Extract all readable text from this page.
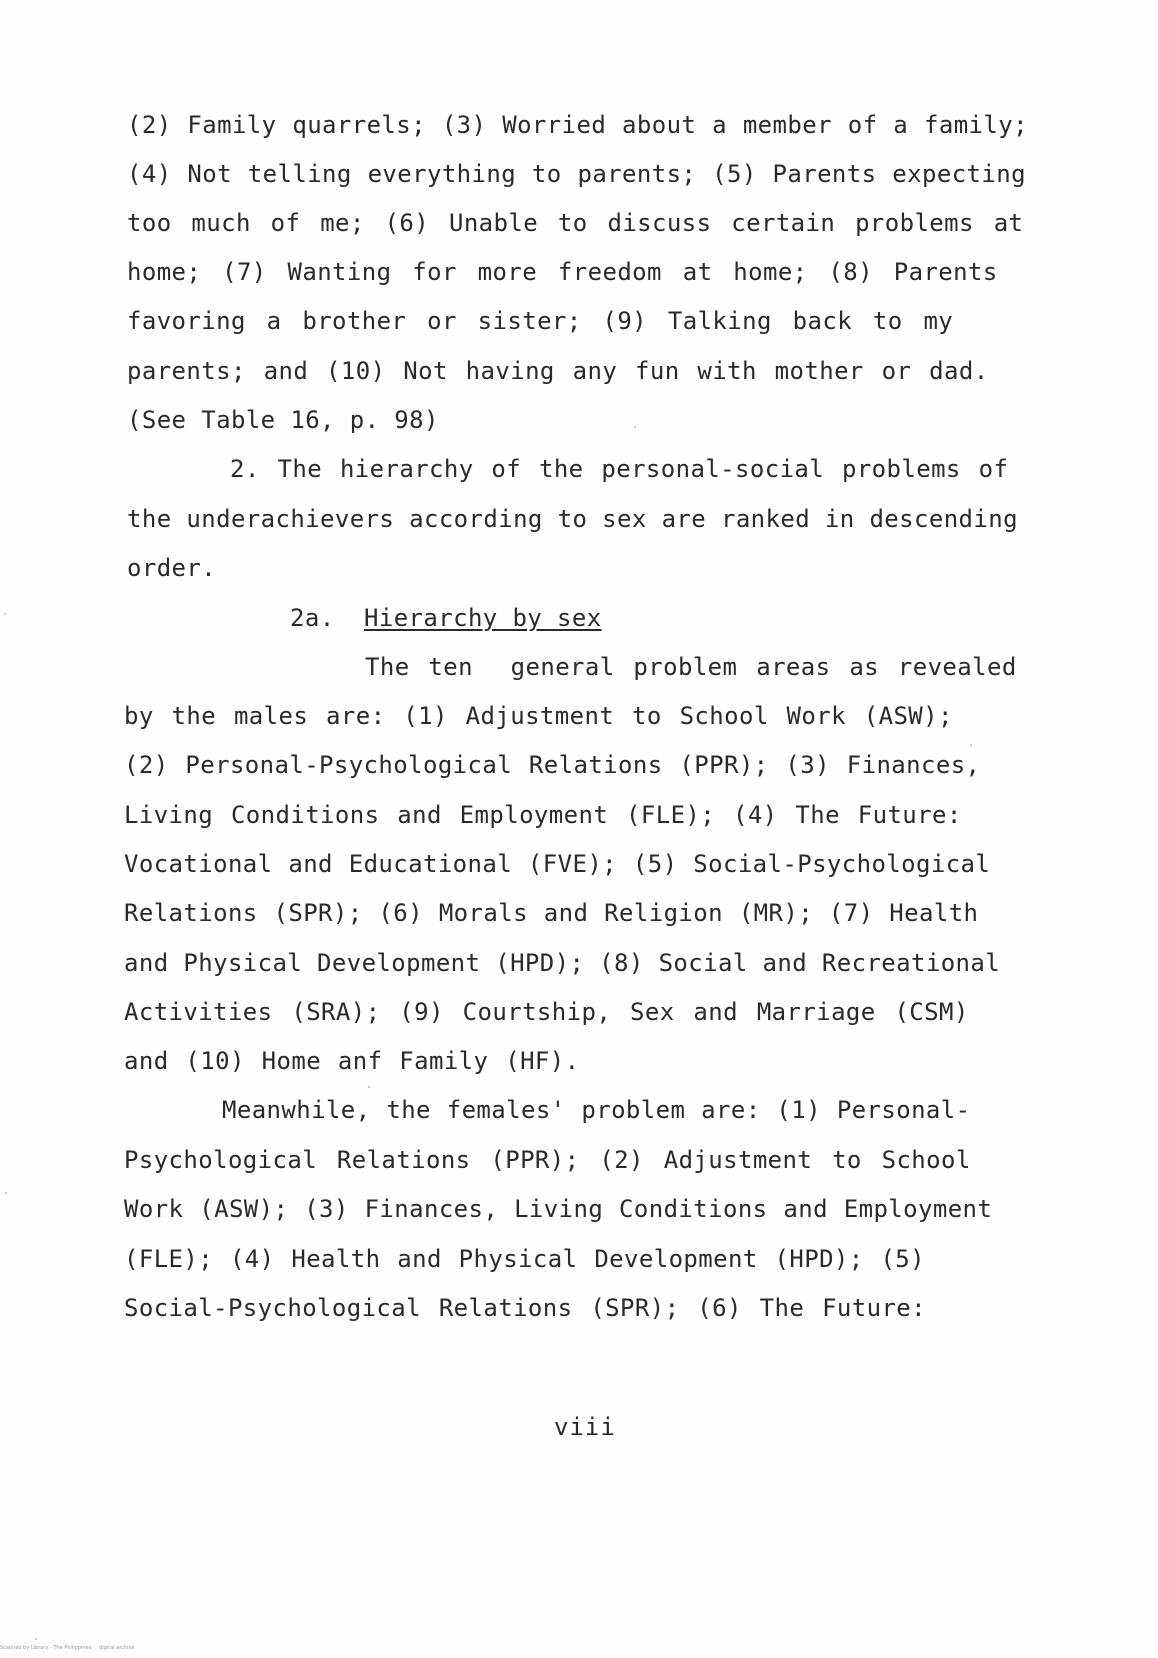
(2) Family quarrels; (3) Worried about a member of a family;
(4) Not telling everything to parents; (5) Parents expecting
too much of me; (6) Unable to discuss certain problems at
home; (7) Wanting for more freedom at home; (8) Parents
favoring a brother or sister; (9) Talking back to my
parents; and (10) Not having any fun with mother or dad.
(See Table 16, p. 98)
2. The hierarchy of the personal-social problems of
the underachievers according to sex are ranked in descending
order.
2a. Hierarchy by sex
The ten  general problem areas as revealed
by the males are: (1) Adjustment to School Work (ASW);
(2) Personal-Psychological Relations (PPR); (3) Finances,
Living Conditions and Employment (FLE); (4) The Future:
Vocational and Educational (FVE); (5) Social-Psychological
Relations (SPR); (6) Morals and Religion (MR); (7) Health
and Physical Development (HPD); (8) Social and Recreational
Activities (SRA); (9) Courtship, Sex and Marriage (CSM)
and (10) Home anf Family (HF).
Meanwhile, the females' problem are: (1) Personal-
Psychological Relations (PPR); (2) Adjustment to School
Work (ASW); (3) Finances, Living Conditions and Employment
(FLE); (4) Health and Physical Development (HPD); (5)
Social-Psychological Relations (SPR); (6) The Future:
viii
Scanned by Library - The Philippines     digital archive
